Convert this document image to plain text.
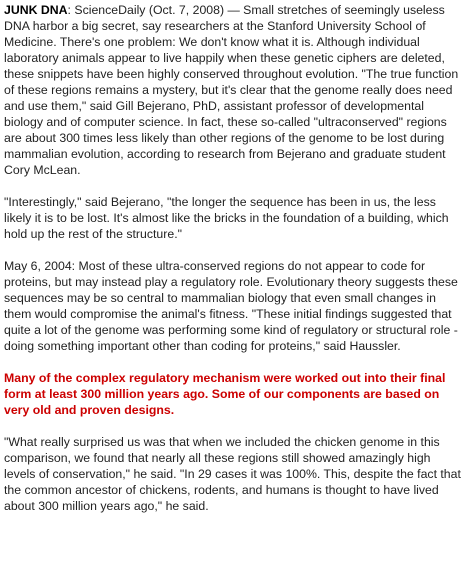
JUNK DNA: ScienceDaily (Oct. 7, 2008) — Small stretches of seemingly useless DNA harbor a big secret, say researchers at the Stanford University School of Medicine. There's one problem: We don't know what it is. Although individual laboratory animals appear to live happily when these genetic ciphers are deleted, these snippets have been highly conserved throughout evolution. "The true function of these regions remains a mystery, but it's clear that the genome really does need and use them," said Gill Bejerano, PhD, assistant professor of developmental biology and of computer science. In fact, these so-called "ultraconserved" regions are about 300 times less likely than other regions of the genome to be lost during mammalian evolution, according to research from Bejerano and graduate student Cory McLean.

"Interestingly," said Bejerano, "the longer the sequence has been in us, the less likely it is to be lost. It's almost like the bricks in the foundation of a building, which hold up the rest of the structure."

May 6, 2004: Most of these ultra-conserved regions do not appear to code for proteins, but may instead play a regulatory role. Evolutionary theory suggests these sequences may be so central to mammalian biology that even small changes in them would compromise the animal's fitness. "These initial findings suggested that quite a lot of the genome was performing some kind of regulatory or structural role - doing something important other than coding for proteins," said Haussler.

Many of the complex regulatory mechanism were worked out into their final form at least 300 million years ago. Some of our components are based on very old and proven designs.

"What really surprised us was that when we included the chicken genome in this comparison, we found that nearly all these regions still showed amazingly high levels of conservation," he said. "In 29 cases it was 100%. This, despite the fact that the common ancestor of chickens, rodents, and humans is thought to have lived about 300 million years ago," he said.
